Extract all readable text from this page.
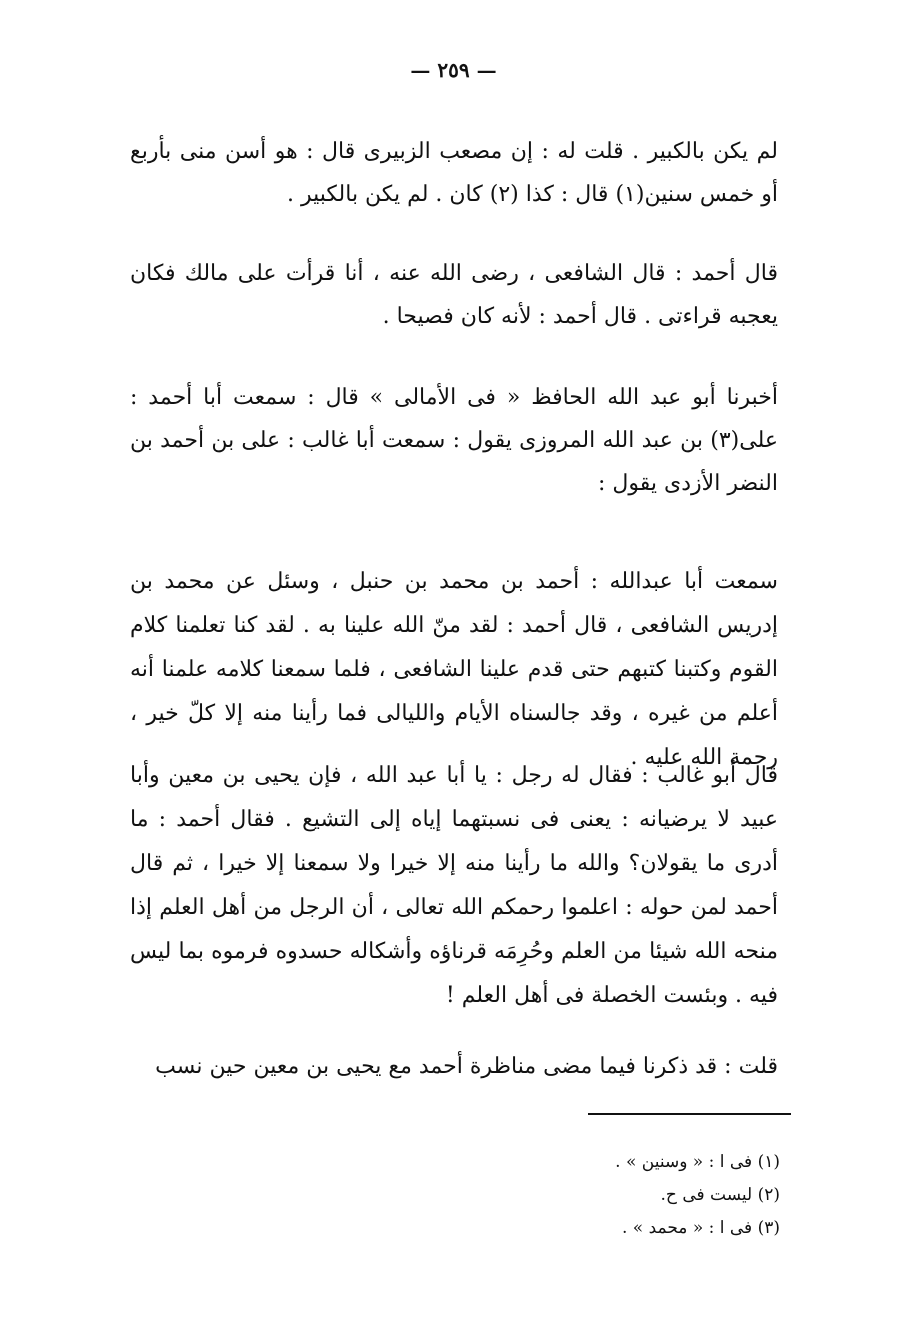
— ٢٥٩ —

لم يكن بالكبير . قلت له : إن مصعب الزبيرى قال : هو أسن منى بأربع أو خمس سنين(١) قال : كذا (٢) كان . لم يكن بالكبير .

قال أحمد : قال الشافعى ، رضى الله عنه ، أنا قرأت على مالك فكان يعجبه قراءتى . قال أحمد : لأنه كان فصيحا .

أخبرنا أبو عبد الله الحافظ « فى الأمالى » قال : سمعت أبا أحمد : على(٣) بن عبد الله المروزى يقول : سمعت أبا غالب : على بن أحمد بن النضر الأزدى يقول :

سمعت أبا عبدالله : أحمد بن محمد بن حنبل ، وسئل عن محمد بن إدريس الشافعى ، قال أحمد : لقد منّ الله علينا به . لقد كنا تعلمنا كلام القوم وكتبنا كتبهم حتى قدم علينا الشافعى ، فلما سمعنا كلامه علمنا أنه أعلم من غيره ، وقد جالسناه الأيام والليالى فما رأينا منه إلا كلّ خير ، رحمة الله عليه .

قال أبو غالب : فقال له رجل : يا أبا عبد الله ، فإن يحيى بن معين وأبا عبيد لا يرضيانه : يعنى فى نسبتهما إياه إلى التشيع . فقال أحمد : ما أدرى ما يقولان؟ والله ما رأينا منه إلا خيرا ولا سمعنا إلا خيرا ، ثم قال أحمد لمن حوله : اعلموا رحمكم الله تعالى ، أن الرجل من أهل العلم إذا منحه الله شيئا من العلم وحُرِمَه قرناؤه وأشكاله حسدوه فرموه بما ليس فيه . وبئست الخصلة فى أهل العلم !

قلت : قد ذكرنا فيما مضى مناظرة أحمد مع يحيى بن معين حين نسب

(١) فى ا : « وسنين » .
(٢) ليست فى ح.
(٣) فى ا : « محمد » .
